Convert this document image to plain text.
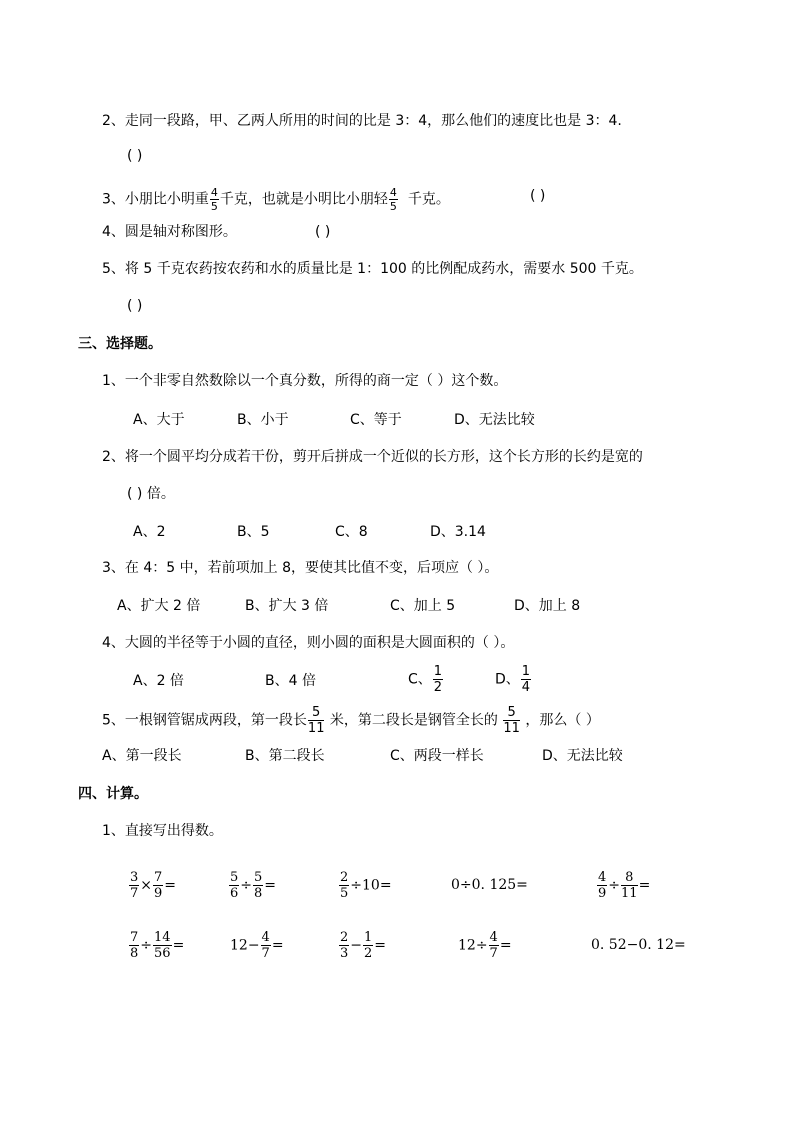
2、走同一段路，甲、乙两人所用的时间的比是 3：4，那么他们的速度比也是 3：4.
( )
3、小朋比小明重 $\frac{4}{5}$ 千克，也就是小明比小朋轻 $\frac{4}{5}$ 千克。	( )
4、圆是轴对称图形。	( )
5、将 5 千克农药按农药和水的质量比是 1：100 的比例配成药水，需要水 500 千克。
( )
三、选择题。
1、一个非零自然数除以一个真分数，所得的商一定（ ）这个数。
A、大于	B、小于	C、等于	D、无法比较
2、将一个圆平均分成若干份，剪开后拼成一个近似的长方形，这个长方形的长约是宽的
( ) 倍。
A、2	B、5	C、8	D、3.14
3、在 4：5 中，若前项加上 8，要使其比值不变，后项应（ ）。
A、扩大 2 倍	B、扩大 3 倍	C、加上 5	D、加上 8
4、大圆的半径等于小圆的直径，则小圆的面积是大圆面积的（ ）。
A、2 倍	B、4 倍	C、 $\frac{1}{2}$	D、 $\frac{1}{4}$
5、一根钢管锯成两段，第一段长 $\frac{5}{11}$ 米，第二段长是钢管全长的 $\frac{5}{11}$ ，那么（ ）
A、第一段长	B、第二段长	C、两段一样长	D、无法比较
四、计算。
1、直接写出得数。
$\frac{3}{7} \times \frac{7}{9}$ =	$\frac{5}{6} \div \frac{5}{8}$ =	$\frac{2}{5} \div 10=$	0÷0. 125=	$\frac{4}{9} \div \frac{8}{11}$ =
$\frac{7}{8} \div \frac{14}{56}$ =	$12- \frac{4}{7}$ =	$\frac{2}{3} - \frac{1}{2}$ =	$12\div \frac{4}{7}$ =	0. 52−0. 12=
